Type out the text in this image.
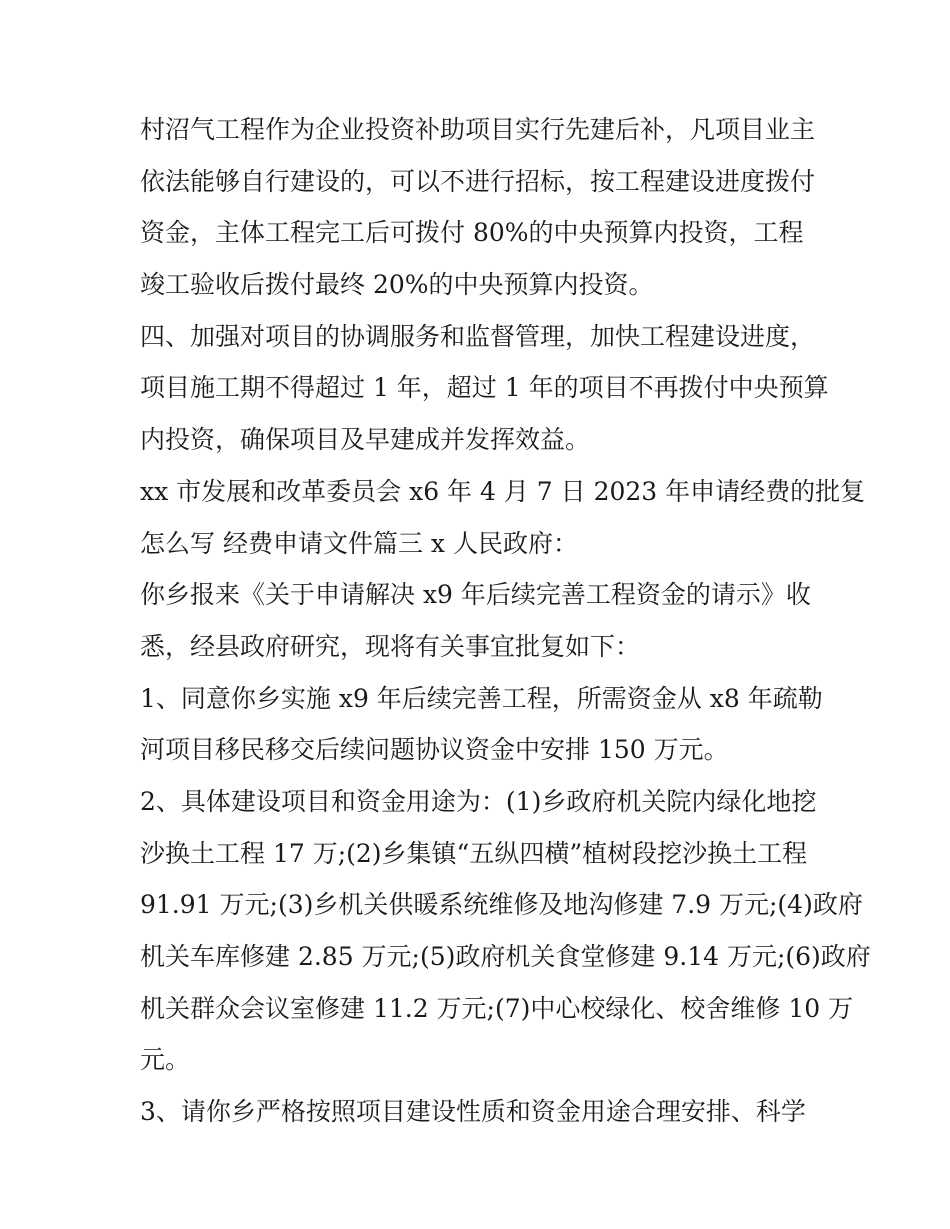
村沼气工程作为企业投资补助项目实行先建后补，凡项目业主
依法能够自行建设的，可以不进行招标，按工程建设进度拨付
资金，主体工程完工后可拨付 80%的中央预算内投资，工程
竣工验收后拨付最终 20%的中央预算内投资。
四、加强对项目的协调服务和监督管理，加快工程建设进度，
项目施工期不得超过 1 年，超过 1 年的项目不再拨付中央预算
内投资，确保项目及早建成并发挥效益。
xx 市发展和改革委员会 x6 年 4 月 7 日 2023 年申请经费的批复
怎么写 经费申请文件篇三 x 人民政府：
你乡报来《关于申请解决 x9 年后续完善工程资金的请示》收
悉，经县政府研究，现将有关事宜批复如下：
1、同意你乡实施 x9 年后续完善工程，所需资金从 x8 年疏勒
河项目移民移交后续问题协议资金中安排 150 万元。
2、具体建设项目和资金用途为：(1)乡政府机关院内绿化地挖
沙换土工程 17 万;(2)乡集镇“五纵四横”植树段挖沙换土工程
91.91 万元;(3)乡机关供暖系统维修及地沟修建 7.9 万元;(4)政府
机关车库修建 2.85 万元;(5)政府机关食堂修建 9.14 万元;(6)政府
机关群众会议室修建 11.2 万元;(7)中心校绿化、校舍维修 10 万
元。
3、请你乡严格按照项目建设性质和资金用途合理安排、科学
